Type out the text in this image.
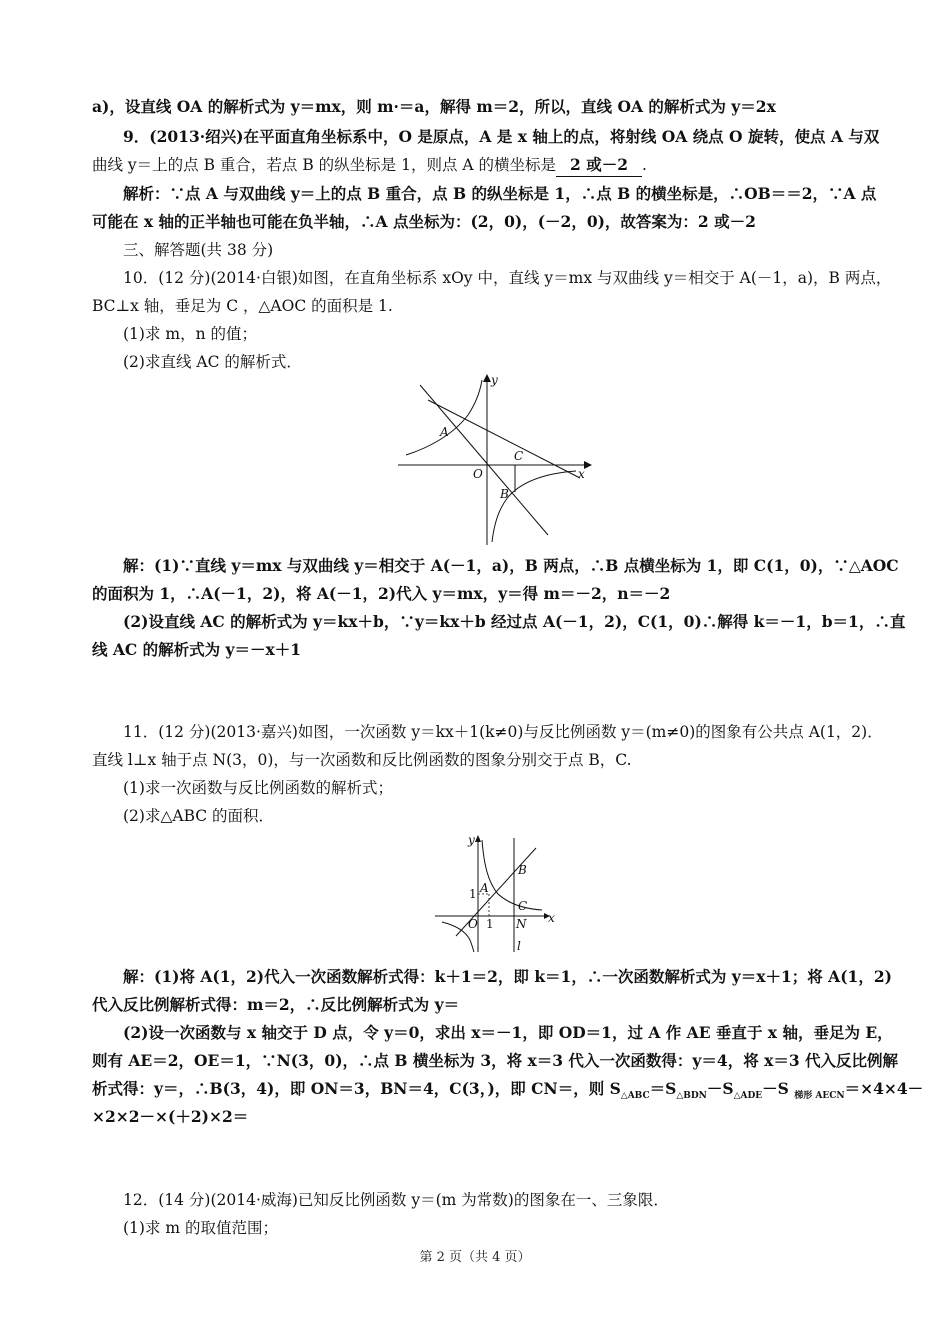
a)，设直线 OA 的解析式为 y＝mx，则 m·＝a，解得 m＝2，所以，直线 OA 的解析式为 y＝2x
9．(2013·绍兴)在平面直角坐标系中，O 是原点，A 是 x 轴上的点，将射线 OA 绕点 O 旋转，使点 A 与双
曲线 y＝上的点 B 重合，若点 B 的纵坐标是 1，则点 A 的横坐标是 2 或－2 .
解析：∵点 A 与双曲线 y＝上的点 B 重合，点 B 的纵坐标是 1，∴点 B 的横坐标是，∴OB＝＝2，∵A 点
可能在 x 轴的正半轴也可能在负半轴，∴A 点坐标为：(2，0)，(－2，0)，故答案为：2 或－2
三、解答题(共 38 分)
10．(12 分)(2014·白银)如图，在直角坐标系 xOy 中，直线 y＝mx 与双曲线 y＝相交于 A(－1，a)，B 两点，
BC⊥x 轴，垂足为 C ，△AOC 的面积是 1.
(1)求 m，n 的值；
(2)求直线 AC 的解析式．
y
x
A
O
C
B
解：(1)∵直线 y＝mx 与双曲线 y＝相交于 A(－1，a)，B 两点，∴B 点横坐标为 1，即 C(1，0)，∵△AOC
的面积为 1，∴A(－1，2)，将 A(－1，2)代入 y＝mx，y＝得 m＝－2，n＝－2
(2)设直线 AC 的解析式为 y＝kx＋b，∵y＝kx＋b 经过点 A(－1，2)，C(1，0)∴解得 k＝－1，b＝1，∴直
线 AC 的解析式为 y＝－x＋1
11．(12 分)(2013·嘉兴)如图，一次函数 y＝kx＋1(k≠0)与反比例函数 y＝(m≠0)的图象有公共点 A(1，2)．
直线 l⊥x 轴于点 N(3，0)，与一次函数和反比例函数的图象分别交于点 B，C.
(1)求一次函数与反比例函数的解析式；
(2)求△ABC 的面积．
y
x
O 1
1 A
B
C
N
l
解：(1)将 A(1，2)代入一次函数解析式得：k＋1＝2，即 k＝1，∴一次函数解析式为 y＝x＋1；将 A(1，2)
代入反比例解析式得：m＝2，∴反比例解析式为 y＝
(2)设一次函数与 x 轴交于 D 点，令 y＝0，求出 x＝－1，即 OD＝1，过 A 作 AE 垂直于 x 轴，垂足为 E，
则有 AE＝2，OE＝1，∵N(3，0)，∴点 B 横坐标为 3，将 x＝3 代入一次函数得：y＝4，将 x＝3 代入反比例解
析式得：y＝，∴B(3，4)，即 ON＝3，BN＝4，C(3，)，即 CN＝，则 $S_{\triangle ABC}=S_{\triangle BDN}-S_{\triangle ADE}-S$ $_{梯形 AECN}$＝×4×4－
×2×2－×(＋2)×2＝
12．(14 分)(2014·威海)已知反比例函数 y＝(m 为常数)的图象在一、三象限．
(1)求 m 的取值范围；
第 2 页（共 4 页）
